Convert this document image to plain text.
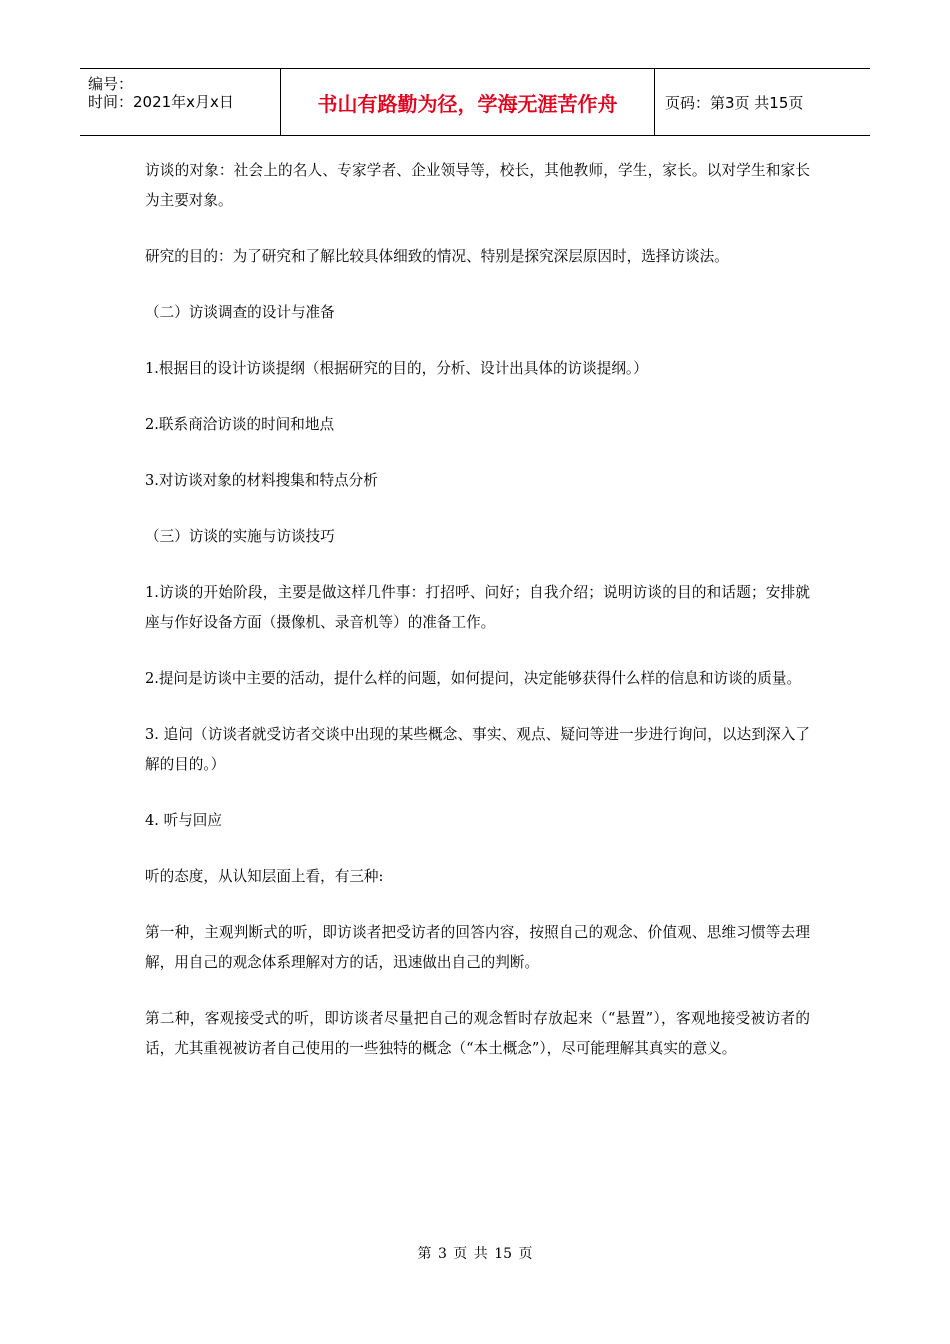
编号：
时间：2021年x月x日	书山有路勤为径，学海无涯苦作舟	页码：第3页 共15页

访谈的对象：社会上的名人、专家学者、企业领导等，校长，其他教师，学生，家长。以对学生和家长为主要对象。

研究的目的：为了研究和了解比较具体细致的情况、特别是探究深层原因时，选择访谈法。

（二）访谈调查的设计与准备

1.根据目的设计访谈提纲（根据研究的目的，分析、设计出具体的访谈提纲。）

2.联系商洽访谈的时间和地点

3.对访谈对象的材料搜集和特点分析

（三）访谈的实施与访谈技巧

1.访谈的开始阶段，主要是做这样几件事：打招呼、问好；自我介绍；说明访谈的目的和话题；安排就座与作好设备方面（摄像机、录音机等）的准备工作。

2.提问是访谈中主要的活动，提什么样的问题，如何提问，决定能够获得什么样的信息和访谈的质量。

3. 追问（访谈者就受访者交谈中出现的某些概念、事实、观点、疑问等进一步进行询问，以达到深入了解的目的。）

4. 听与回应

听的态度，从认知层面上看，有三种:

第一种，主观判断式的听，即访谈者把受访者的回答内容，按照自己的观念、价值观、思维习惯等去理解，用自己的观念体系理解对方的话，迅速做出自己的判断。

第二种，客观接受式的听，即访谈者尽量把自己的观念暂时存放起来（“悬置”），客观地接受被访者的话，尤其重视被访者自己使用的一些独特的概念（“本土概念”），尽可能理解其真实的意义。

第 3 页 共 15 页
